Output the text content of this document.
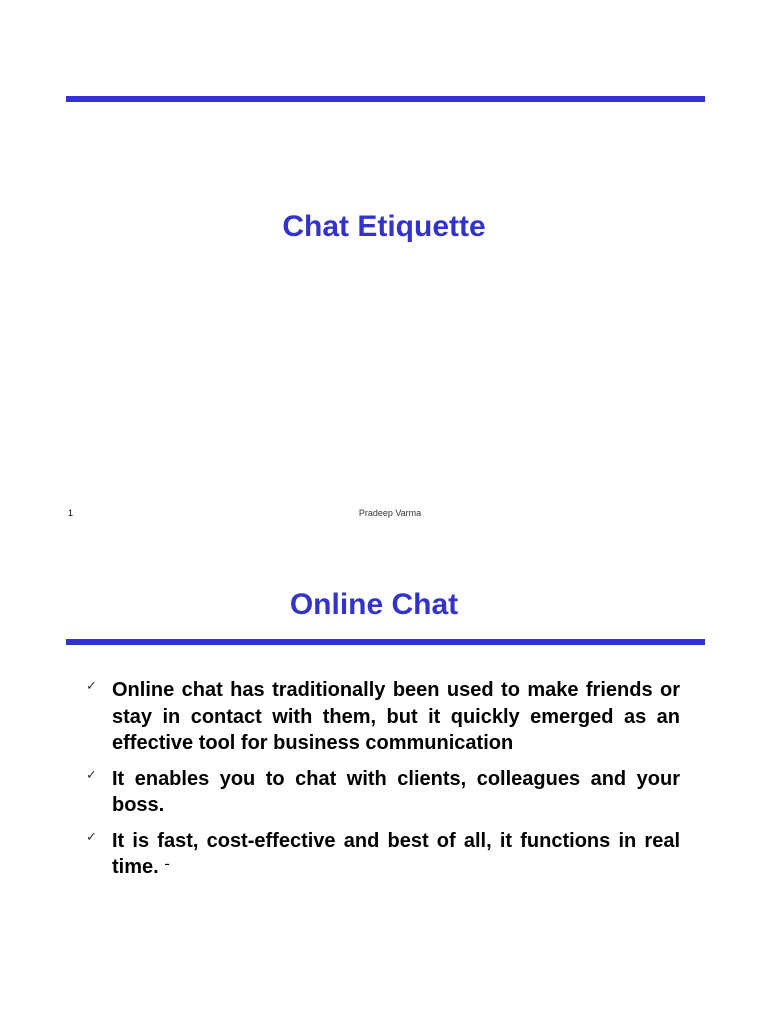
Chat Etiquette
1	Pradeep Varma
Online Chat
✓ Online chat has traditionally been used to make friends or stay in contact with them, but it quickly emerged as an effective tool for business communication
✓ It enables you to chat with clients, colleagues and your boss.
✓ It is fast, cost-effective and best of all, it functions in real time. ˉ
